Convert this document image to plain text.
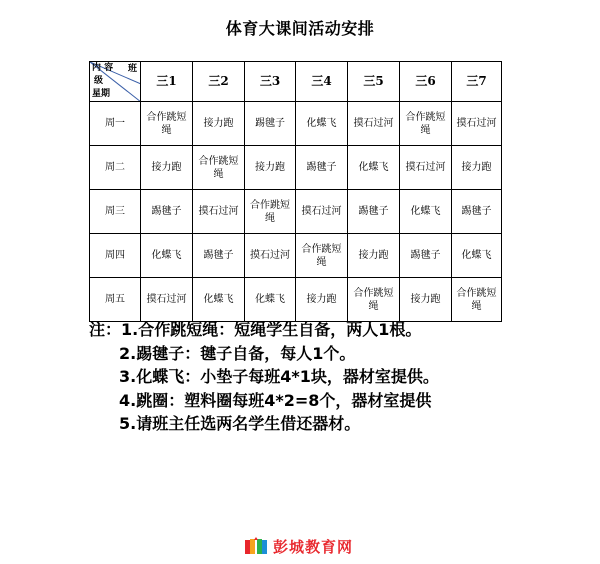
体育大课间活动安排
内 容 班
级
星期	三1	三2	三3	三4	三5	三6	三7
周一	合作跳短绳	接力跑	踢毽子	化蝶飞	摸石过河	合作跳短绳	摸石过河
周二	接力跑	合作跳短绳	接力跑	踢毽子	化蝶飞	摸石过河	接力跑
周三	踢毽子	摸石过河	合作跳短绳	摸石过河	踢毽子	化蝶飞	踢毽子
周四	化蝶飞	踢毽子	摸石过河	合作跳短绳	接力跑	踢毽子	化蝶飞
周五	摸石过河	化蝶飞	化蝶飞	接力跑	合作跳短绳	接力跑	合作跳短绳
注：1.合作跳短绳：短绳学生自备，两人1根。
2.踢毽子：毽子自备，每人1个。
3.化蝶飞：小垫子每班4*1块，器材室提供。
4.跳圈：塑料圈每班4*2=8个，器材室提供
5.请班主任选两名学生借还器材。
彭城教育网
